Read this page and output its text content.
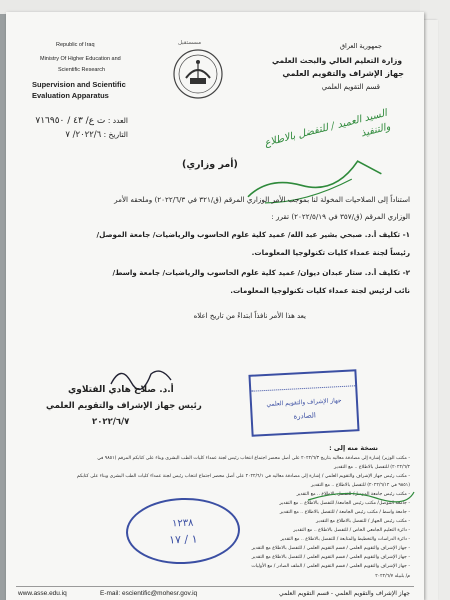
Republic of Iraq
Ministry Of Higher Education and
Scientific Research
Supervision and Scientific
Evaluation Apparatus
مسستقبل	جمهورية العراق
وزارة التعليم العالي والبحث العلمي
جهاز الإشراف والتقويم العلمي
قسم التقويم العلمي
العدد : ت ع/ ٤٣ / ٧١٦٩٥٠
التاريخ : ٢٠٢٢/٦/ ٧	السيد العميد / للتفضل بالاطلاع والتنفيذ
(أمر وزاري)
استناداً إلى الصلاحيات المخولة لنا بموجب الأمر الوزاري المرقم (ق/٣٢١ في ٢٠٢٢/٦/٣) وملحقه الأمر
الوزاري المرقم (ق/٣٥٧ في ٢٠٢٢/٥/١٩) تقرر :
١- تكليف أ.د. صبحي بشير عبد الله/ عميد كلية علوم الحاسوب والرياضيات/ جامعة الموصل/
رئيساً لجنة عمداء كليات تكنولوجيا المعلومات.
٢- تكليف أ.د. ستار عبدان ديوان/ عميد كلية علوم الحاسوب والرياضيات/ جامعة واسط/
نائب لرئيس لجنة عمداء كليات تكنولوجيا المعلومات.
يعد هذا الأمر نافذاً ابتداءً من تاريخ اعلاه
أ.د. صلاح هادي الفتلاوي
رئيس جهاز الإشراف والتقويم العلمي
٢٠٢٢/٦/٧
جهاز الإشراف والتقويم العلمي
الصادرة
نسخة منه إلى :
- مكتب الوزير/ إشارة إلى مصادقة معاليه بتاريخ ٢٠٢٢/٦/٣ على أصل محضر اجتماع انتخاب رئيس لجنة عمداء كليات الطب البشري وبناء على كتابكم المرقم (٩٨٥١ في
٢٠٢٢/٦/٢) للتفضل بالاطلاع .. مع التقدير
- مكتب رئيس جهاز الإشراف والتقويم العلمي / إشارة إلى مصادقة معاليه في ٢٠٢٢/٦/١ على أصل محضر اجتماع انتخاب رئيس لجنة عمداء كليات الطب البشري وبناء على كتابكم
(٩٨٥١ في ٢٠٢٢/٦/١٢) للتفضل بالاطلاع .. مع التقدير
- مكتب رئيس جامعة الموصل/ للتفضل بالاطلاع .. مع التقدير
- جامعة الموصل/ مكتب رئيس الجامعة/ للتفضل بالاطلاع .. مع التقدير
- جامعة واسط / مكتب رئيس الجامعة / للتفضل بالاطلاع .. مع التقدير
- مكتب رئيس الجهاز / للتفضل بالاطلاع مع التقدير
- دائرة التعليم الجامعي الخاص / للتفضل بالاطلاع .. مع التقدير
- دائرة الدراسات والتخطيط والمتابعة / للتفضل بالاطلاع .. مع التقدير
- جهاز الإشراف والتقويم العلمي / قسم التقويم العلمي / للتفضل بالاطلاع مع التقدير
- جهاز الإشراف والتقويم العلمي / قسم التقويم العلمي / للتفضل بالاطلاع مع التقدير
- جهاز الإشراف والتقويم العلمي / قسم التقويم العلمي / الملف الصادر / مع الأوليات
م/ بلبيله ٢٠٢٢/٦/٧
١٢٣٨
١ / ١٧
www.asse.edu.iq	E-mail: escientific@mohesr.gov.iq	جهاز الإشراف والتقويم العلمي - قسم التقويم العلمي
